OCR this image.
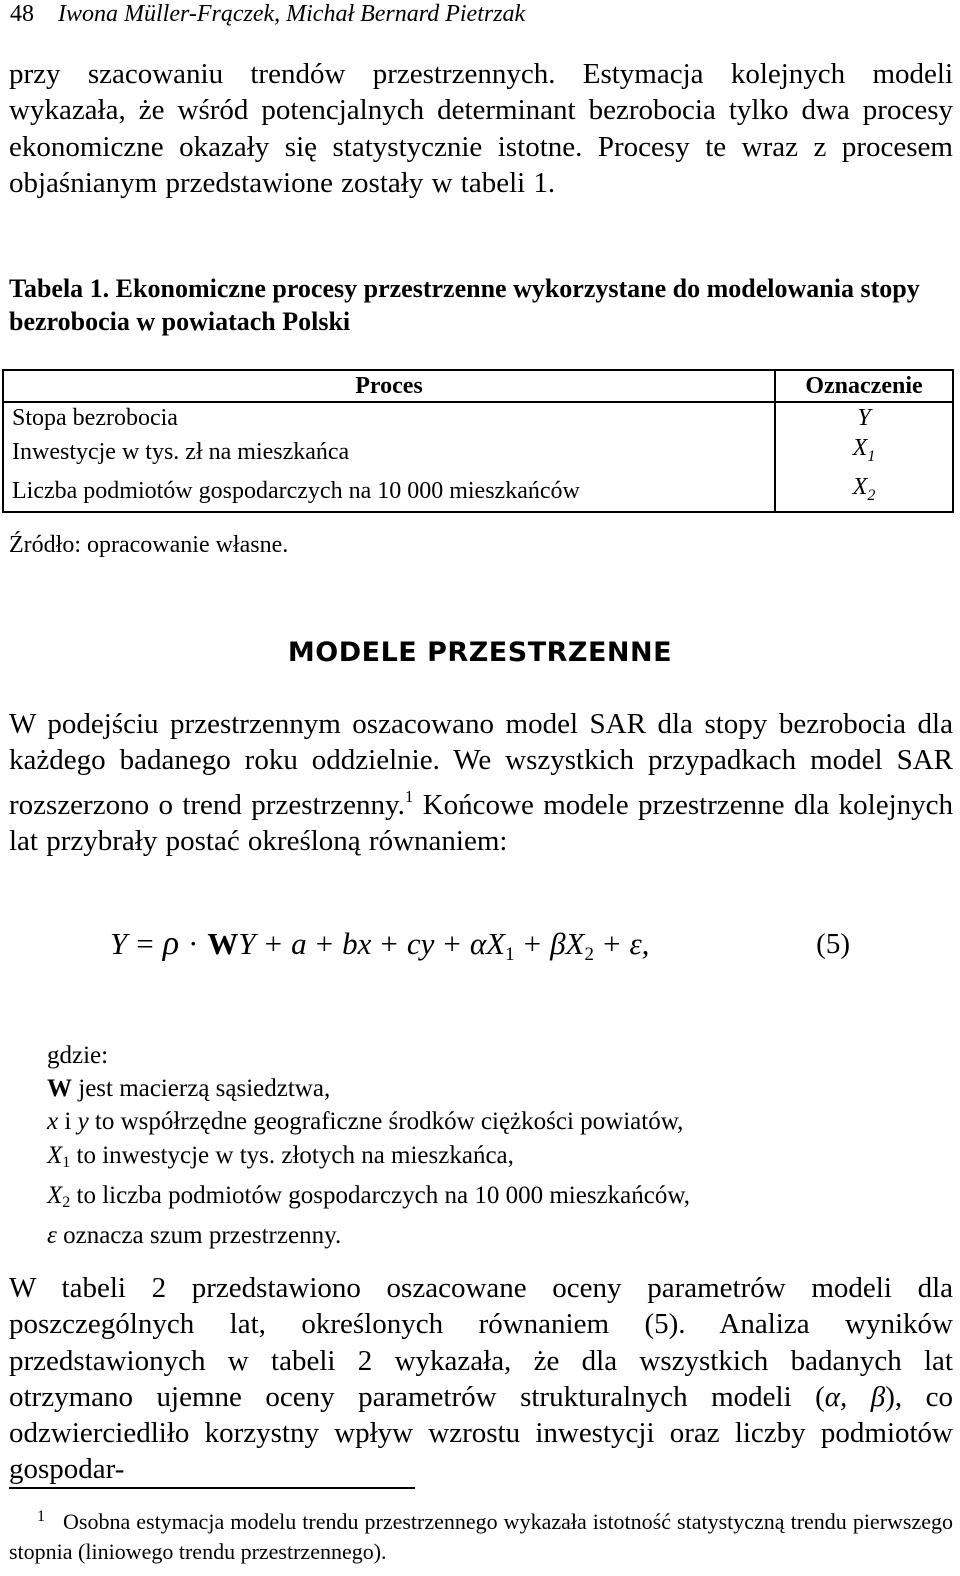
48 Iwona Müller-Frączek, Michał Bernard Pietrzak
przy szacowaniu trendów przestrzennych. Estymacja kolejnych modeli wykazała, że wśród potencjalnych determinant bezrobocia tylko dwa procesy ekonomiczne okazały się statystycznie istotne. Procesy te wraz z procesem objaśnianym przedstawione zostały w tabeli 1.
Tabela 1. Ekonomiczne procesy przestrzenne wykorzystane do modelowania stopy bezrobocia w powiatach Polski
Proces	Oznaczenie
Stopa bezrobocia	Y
Inwestycje w tys. zł na mieszkańca	$X_1$
Liczba podmiotów gospodarczych na 10 000 mieszkańców	$X_2$
Źródło: opracowanie własne.
MODELE PRZESTRZENNE
W podejściu przestrzennym oszacowano model SAR dla stopy bezrobocia dla każdego badanego roku oddzielnie. We wszystkich przypadkach model SAR rozszerzono o trend przestrzenny.$^1$ Końcowe modele przestrzenne dla kolejnych lat przybrały postać określoną równaniem:
Y = ρ · WY + a + bx + cy + $\alpha X_1 + \beta X_2 + \varepsilon$,	(5)
gdzie:
W jest macierzą sąsiedztwa,
x i y to współrzędne geograficzne środków ciężkości powiatów,
$X_1$ to inwestycje w tys. złotych na mieszkańca,
$X_2$ to liczba podmiotów gospodarczych na 10 000 mieszkańców,
ε oznacza szum przestrzenny.
W tabeli 2 przedstawiono oszacowane oceny parametrów modeli dla poszczególnych lat, określonych równaniem (5). Analiza wyników przedstawionych w tabeli 2 wykazała, że dla wszystkich badanych lat otrzymano ujemne oceny parametrów strukturalnych modeli (α, β), co odzwierciedliło korzystny wpływ wzrostu inwestycji oraz liczby podmiotów gospodar-
$^1$ Osobna estymacja modelu trendu przestrzennego wykazała istotność statystyczną trendu pierwszego stopnia (liniowego trendu przestrzennego).
